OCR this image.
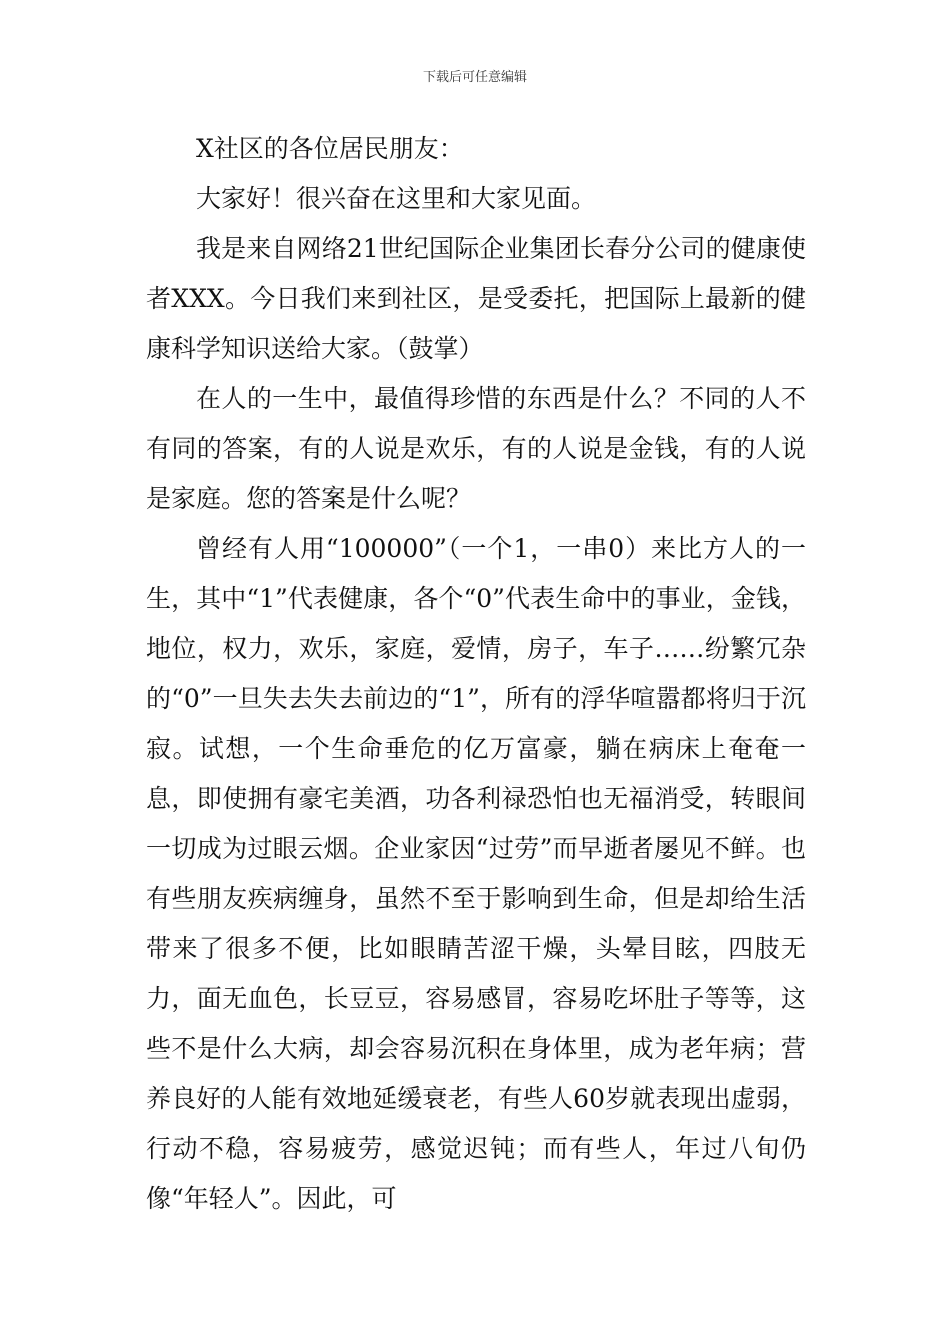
下载后可任意编辑

X社区的各位居民朋友：

大家好！很兴奋在这里和大家见面。

我是来自网络21世纪国际企业集团长春分公司的健康使者XXX。今日我们来到社区，是受委托，把国际上最新的健康科学知识送给大家。（鼓掌）

在人的一生中，最值得珍惜的东西是什么？不同的人不有同的答案，有的人说是欢乐，有的人说是金钱，有的人说是家庭。您的答案是什么呢？

曾经有人用“100000”（一个1，一串0）来比方人的一生，其中“1”代表健康，各个“0”代表生命中的事业，金钱，地位，权力，欢乐，家庭，爱情，房子，车子……纷繁冗杂的“0”一旦失去失去前边的“1”，所有的浮华喧嚣都将归于沉寂。试想，一个生命垂危的亿万富豪，躺在病床上奄奄一息，即使拥有豪宅美酒，功各利禄恐怕也无福消受，转眼间一切成为过眼云烟。企业家因“过劳”而早逝者屡见不鲜。也有些朋友疾病缠身，虽然不至于影响到生命，但是却给生活带来了很多不便，比如眼睛苦涩干燥，头晕目眩，四肢无力，面无血色，长豆豆，容易感冒，容易吃坏肚子等等，这些不是什么大病，却会容易沉积在身体里，成为老年病；营养良好的人能有效地延缓衰老，有些人60岁就表现出虚弱，行动不稳，容易疲劳，感觉迟钝；而有些人，年过八旬仍像“年轻人”。因此，可
